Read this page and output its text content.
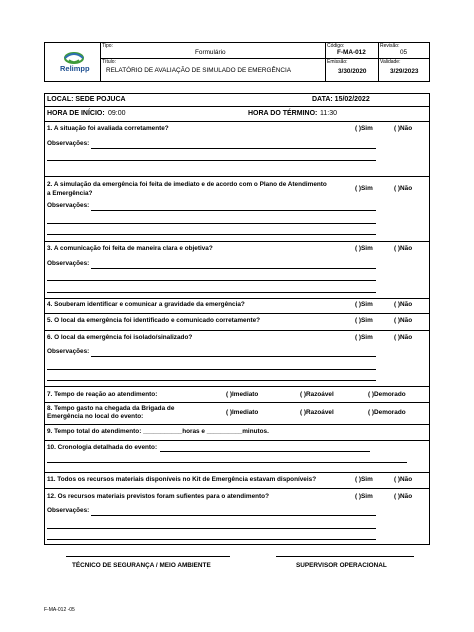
Relimpp
Tipo:
Formulário
Título:
RELATÓRIO DE AVALIAÇÃO DE SIMULADO DE EMERGÊNCIA
Código:
F-MA-012
Revisão:
05
Emissão:
3/30/2020
Validade:
3/29/2023
LOCAL: SEDE POJUCA	DATA: 15/02/2022
HORA DE INÍCIO: 09:00	HORA DO TÉRMINO: 11:30
1. A situação foi avaliada corretamente?	( )Sim	( )Não
Observações:
2. A simulação da emergência foi feita de imediato e de acordo com o Plano de Atendimento
a Emergência?
( )Sim	( )Não
Observações:
3. A comunicação foi feita de maneira clara e objetiva?	( )Sim	( )Não
Observações:
4. Souberam identificar e comunicar a gravidade da emergência?	( )Sim	( )Não
5. O local da emergência foi identificado e comunicado corretamente?	( )Sim	( )Não
6. O local da emergência foi isolado/sinalizado?	( )Sim	( )Não
Observações:
7. Tempo de reação ao atendimento:	( )Imediato	( )Razoável	( )Demorado
8. Tempo gasto na chegada da Brigada de
Emergência no local do evento:
( )Imediato	( )Razoável	( )Demorado
9. Tempo total do atendimento: ___________horas e __________minutos.
10. Cronologia detalhada do evento:
11. Todos os recursos materiais disponíveis no Kit de Emergência estavam disponíveis?	( )Sim	( )Não
12. Os recursos materiais previstos foram sufientes para o atendimento?	( )Sim	( )Não
Observações:
TÉCNICO DE SEGURANÇA / MEIO AMBIENTE	SUPERVISOR OPERACIONAL
F-MA-012 -05
